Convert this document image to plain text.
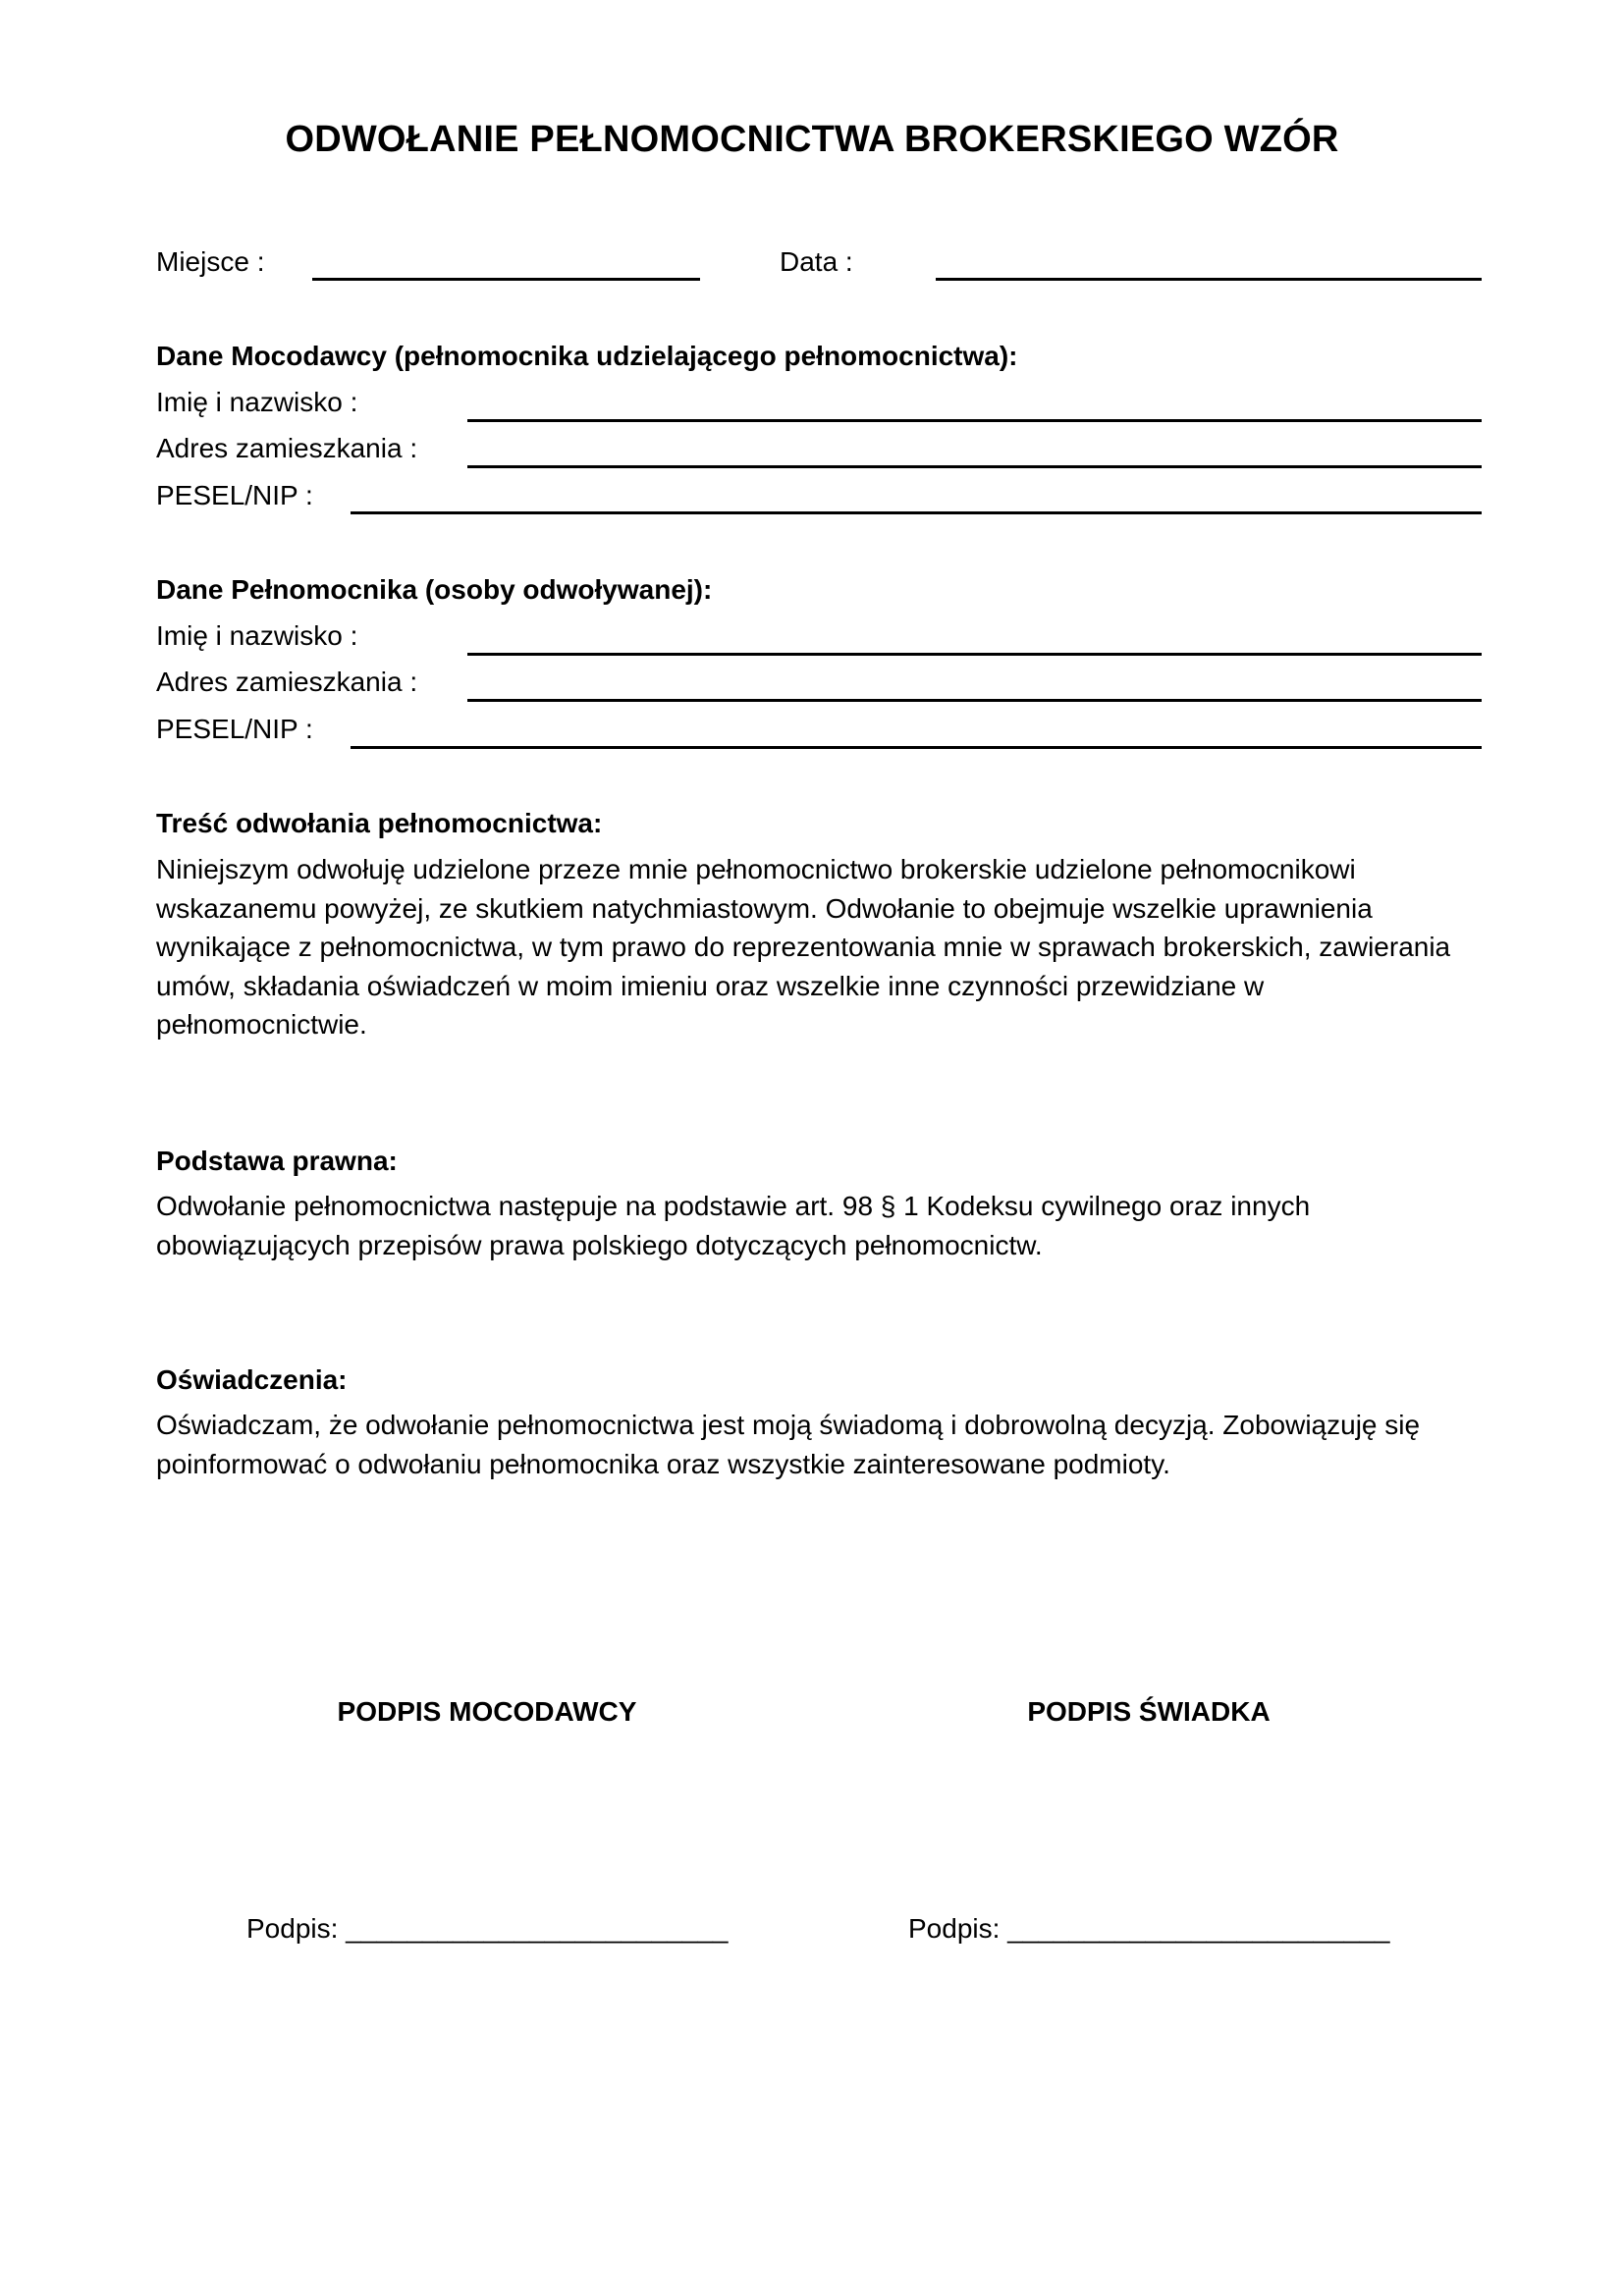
ODWOŁANIE PEŁNOMOCNICTWA BROKERSKIEGO WZÓR
Miejsce :	Data :
Dane Mocodawcy (pełnomocnika udzielającego pełnomocnictwa):
Imię i nazwisko :
Adres zamieszkania :
PESEL/NIP :
Dane Pełnomocnika (osoby odwoływanej):
Imię i nazwisko :
Adres zamieszkania :
PESEL/NIP :
Treść odwołania pełnomocnictwa:

Niniejszym odwołuję udzielone przeze mnie pełnomocnictwo brokerskie udzielone pełnomocnikowi

wskazanemu powyżej, ze skutkiem natychmiastowym. Odwołanie to obejmuje wszelkie uprawnienia

wynikające z pełnomocnictwa, w tym prawo do reprezentowania mnie w sprawach brokerskich, zawierania

umów, składania oświadczeń w moim imieniu oraz wszelkie inne czynności przewidziane w

pełnomocnictwie.

Podstawa prawna:

Odwołanie pełnomocnictwa następuje na podstawie art. 98 § 1 Kodeksu cywilnego oraz innych

obowiązujących przepisów prawa polskiego dotyczących pełnomocnictw.

Oświadczenia:

Oświadczam, że odwołanie pełnomocnictwa jest moją świadomą i dobrowolną decyzją. Zobowiązuję się

poinformować o odwołaniu pełnomocnika oraz wszystkie zainteresowane podmioty.

PODPIS MOCODAWCY	PODPIS ŚWIADKA
Podpis: _________________________	Podpis: _________________________
